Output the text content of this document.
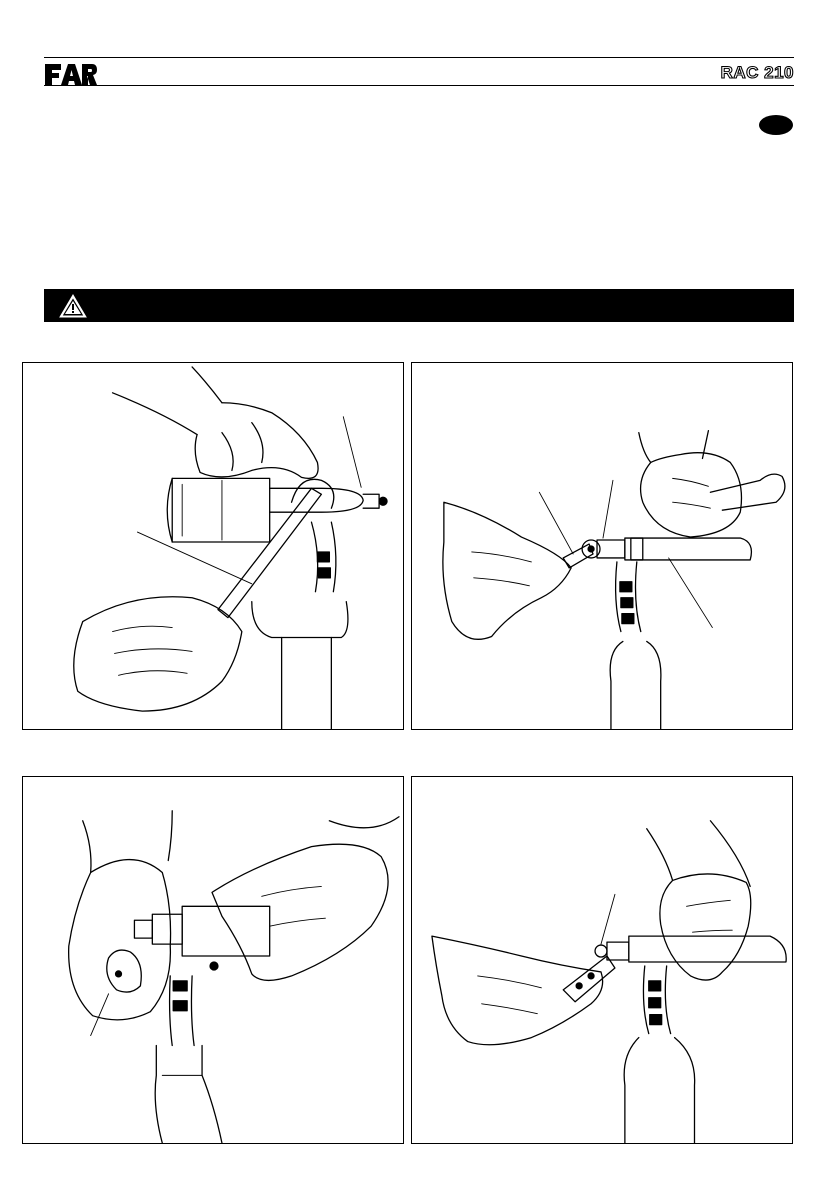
RAC 210
